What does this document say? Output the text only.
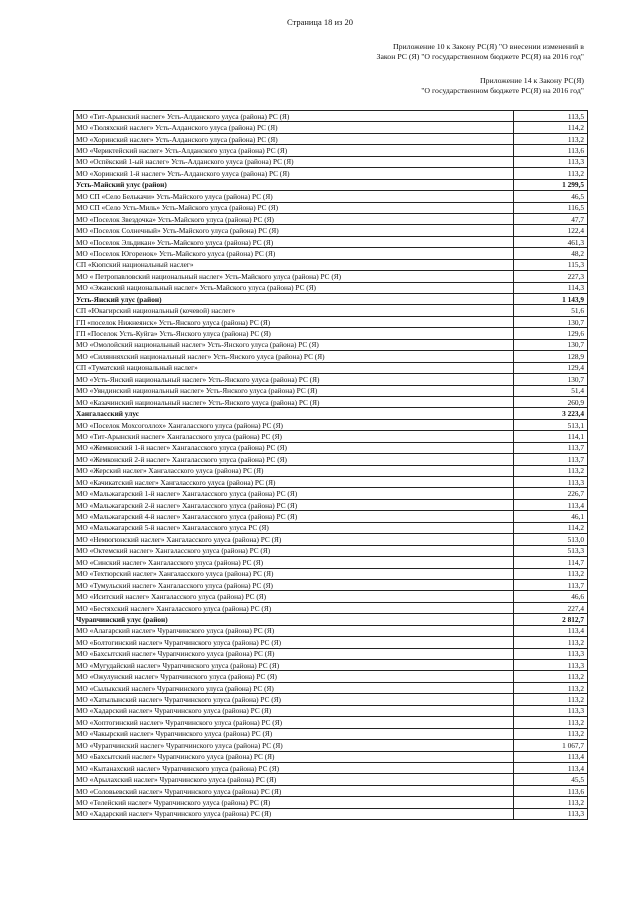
Страница 18 из 20
Приложение 10 к Закону РС(Я) "О внесении изменений в
Закон РС (Я) "О государственном бюджете РС(Я) на 2016 год"
Приложение 14 к Закону РС(Я)
"О государственном бюджете РС(Я) на 2016 год"
МО «Тит-Арынский наслег» Усть-Алданского улуса (района) РС (Я)	113,5
МО «Тюляхский наслег» Усть-Алданского улуса (района) РС (Я)	114,2
МО «Хоринский наслег» Усть-Алданского улуса (района) РС (Я)	113,2
МО «Чериктейский наслег» Усть-Алданского улуса (района) РС (Я)	113,6
МО «Оспёкский 1-ый наслег» Усть-Алданского улуса (района) РС (Я)	113,3
МО «Хоринский 1-й наслег» Усть-Алданского улуса (района) РС (Я)	113,2
Усть-Майский улус (район)	1 299,5
МО СП «Село Белькачи» Усть-Майского улуса (района) РС (Я)	46,5
МО СП «Село Усть-Миль» Усть-Майского улуса (района) РС (Я)	116,5
МО «Поселок Звездочка» Усть-Майского улуса (района) РС (Я)	47,7
МО «Поселок Солнечный» Усть-Майского улуса (района) РС (Я)	122,4
МО «Поселок Эльдикан» Усть-Майского улуса (района) РС (Я)	461,3
МО «Поселок Югоренок» Усть-Майского улуса (района) РС (Я)	48,2
СП «Кюпский национальный наслег»	115,3
МО « Петропавловский национальный наслег» Усть-Майского улуса (района) РС (Я)	227,3
МО «Эжанский национальный наслег» Усть-Майского улуса (района) РС (Я)	114,3
Усть-Янский улус (район)	1 143,9
СП «Юкагирский национальный (кочевой) наслег»	51,6
ГП «поселок Нижнеянск» Усть-Янского улуса (района) РС (Я)	130,7
ГП «Поселок Усть-Куйга» Усть-Янского улуса (района) РС (Я)	129,6
МО «Омолойский национальный наслег» Усть-Янского улуса (района) РС (Я)	130,7
МО «Силянняхский национальный наслег» Усть-Янского улуса (района) РС (Я)	128,9
СП «Туматский национальный наслег»	129,4
МО «Усть-Янский национальный наслег» Усть-Янского улуса (района) РС (Я)	130,7
МО «Уяндинский национальный наслег» Усть-Янского улуса (района) РС (Я)	51,4
МО «Казачинский национальный наслег» Усть-Янского улуса (района) РС (Я)	260,9
Хангаласский улус	3 223,4
МО «Поселок Мохсоголлох» Хангаласского улуса (района) РС (Я)	513,1
МО «Тит-Арынский наслег» Хангаласского улуса (района) РС (Я)	114,1
МО «Жемконский 1-й наслег» Хангаласского улуса (района) РС (Я)	113,7
МО «Жемконский 2-й наслег» Хангаласского улуса (района) РС (Я)	113,7
МО «Жерский наслег» Хангаласского улуса (района) РС (Я)	113,2
МО «Качикатский наслег» Хангаласского улуса (района) РС (Я)	113,3
МО «Мальжагарский 1-й наслег» Хангаласского улуса (района) РС (Я)	226,7
МО «Мальжагарский 2-й наслег» Хангаласского улуса (района) РС (Я)	113,4
МО «Мальжагарский 4-й наслег» Хангаласского улуса (района) РС (Я)	46,1
МО «Мальжагарский 5-й наслег» Хангаласского улуса РС (Я)	114,2
МО «Немюгюнский наслег» Хангаласского улуса (района) РС (Я)	513,0
МО «Октемский наслег» Хангаласского улуса (района) РС (Я)	513,3
МО «Синский наслег» Хангаласского улуса (района) РС (Я)	114,7
МО «Техтюрский наслег» Хангаласского улуса (района) РС (Я)	113,2
МО «Тумульский наслег» Хангаласского улуса (района) РС (Я)	113,7
МО «Иситский наслег» Хангаласского улуса (района) РС (Я)	46,6
МО «Бестяхский наслег» Хангаласского улуса (района) РС (Я)	227,4
Чурапчинский улус (район)	2 812,7
МО «Алагарский наслег» Чурапчинского улуса (района) РС (Я)	113,4
МО «Болтогинский наслег» Чурапчинского улуса (района) РС (Я)	113,2
МО «Бахсытский наслег» Чурапчинского улуса (района) РС (Я)	113,3
МО «Мугудайский наслег» Чурапчинского улуса (района) РС (Я)	113,3
МО «Ожулунский наслег» Чурапчинского улуса (района) РС (Я)	113,2
МО «Сылыкский наслег» Чурапчинского улуса (района) РС (Я)	113,2
МО «Хатылынский наслег» Чурапчинского улуса (района) РС (Я)	113,2
МО «Хадарский наслег» Чурапчинского улуса (района) РС (Я)	113,3
МО «Хоптогинский наслег» Чурапчинского улуса (района) РС (Я)	113,2
МО «Чакырский наслег» Чурапчинского улуса (района) РС (Я)	113,2
МО «Чурапчинский наслег» Чурапчинского улуса (района) РС (Я)	1 067,7
МО «Бахсытский наслег» Чурапчинского улуса (района) РС (Я)	113,4
МО «Кытанахский наслег» Чурапчинского улуса (района) РС (Я)	113,4
МО «Арылахский наслег» Чурапчинского улуса (района) РС (Я)	45,5
МО «Соловьевский наслег» Чурапчинского улуса (района) РС (Я)	113,6
МО «Телейский наслег» Чурапчинского улуса (района) РС (Я)	113,2
МО «Хадарский наслег» Чурапчинского улуса (района) РС (Я)	113,3
